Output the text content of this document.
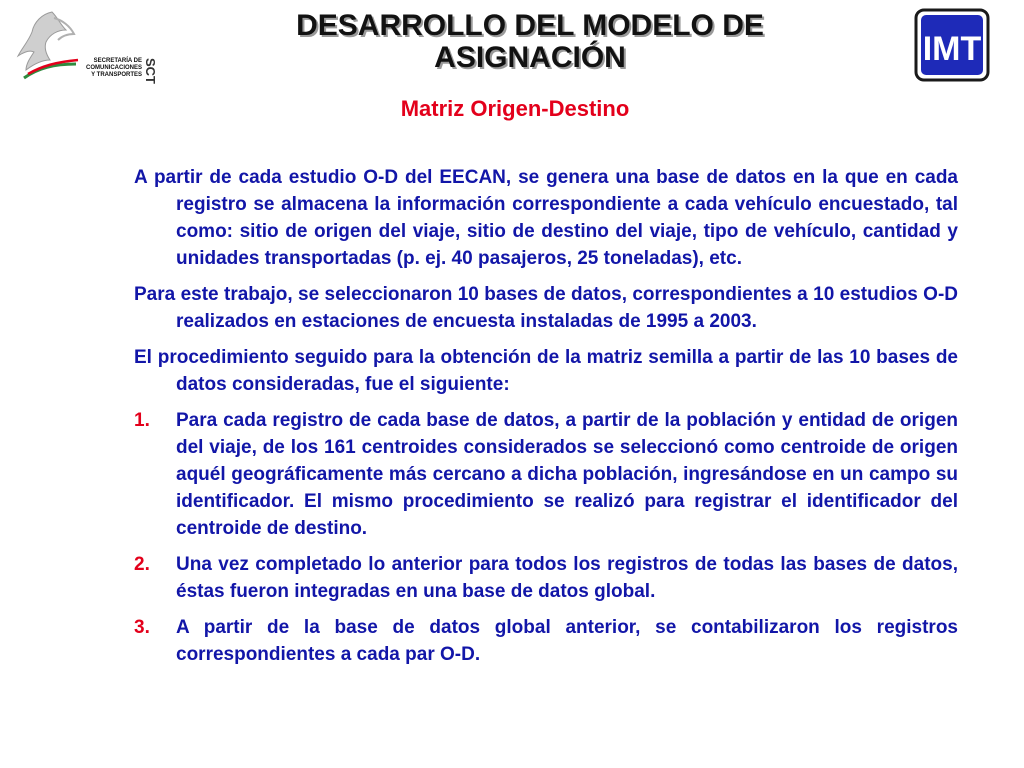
SECRETARÍA DE
COMUNICACIONES
Y TRANSPORTES SCT
DESARROLLO DEL MODELO DE
ASIGNACIÓN
Matriz Origen-Destino
IMT

A partir de cada estudio O-D del EECAN, se genera una base de datos en la que en cada registro se almacena la información correspondiente a cada vehículo encuestado, tal como: sitio de origen del viaje, sitio de destino del viaje, tipo de vehículo, cantidad y unidades transportadas (p. ej. 40 pasajeros, 25 toneladas), etc.

Para este trabajo, se seleccionaron 10 bases de datos, correspondientes a 10 estudios O-D realizados en estaciones de encuesta instaladas de 1995 a 2003.

El procedimiento seguido para la obtención de la matriz semilla a partir de las 10 bases de datos consideradas, fue el siguiente:

1. Para cada registro de cada base de datos, a partir de la población y entidad de origen del viaje, de los 161 centroides considerados se seleccionó como centroide de origen aquél geográficamente más cercano a dicha población, ingresándose en un campo su identificador. El mismo procedimiento se realizó para registrar el identificador del centroide de destino.
2. Una vez completado lo anterior para todos los registros de todas las bases de datos, éstas fueron integradas en una base de datos global.
3. A partir de la base de datos global anterior, se contabilizaron los registros correspondientes a cada par O-D.
